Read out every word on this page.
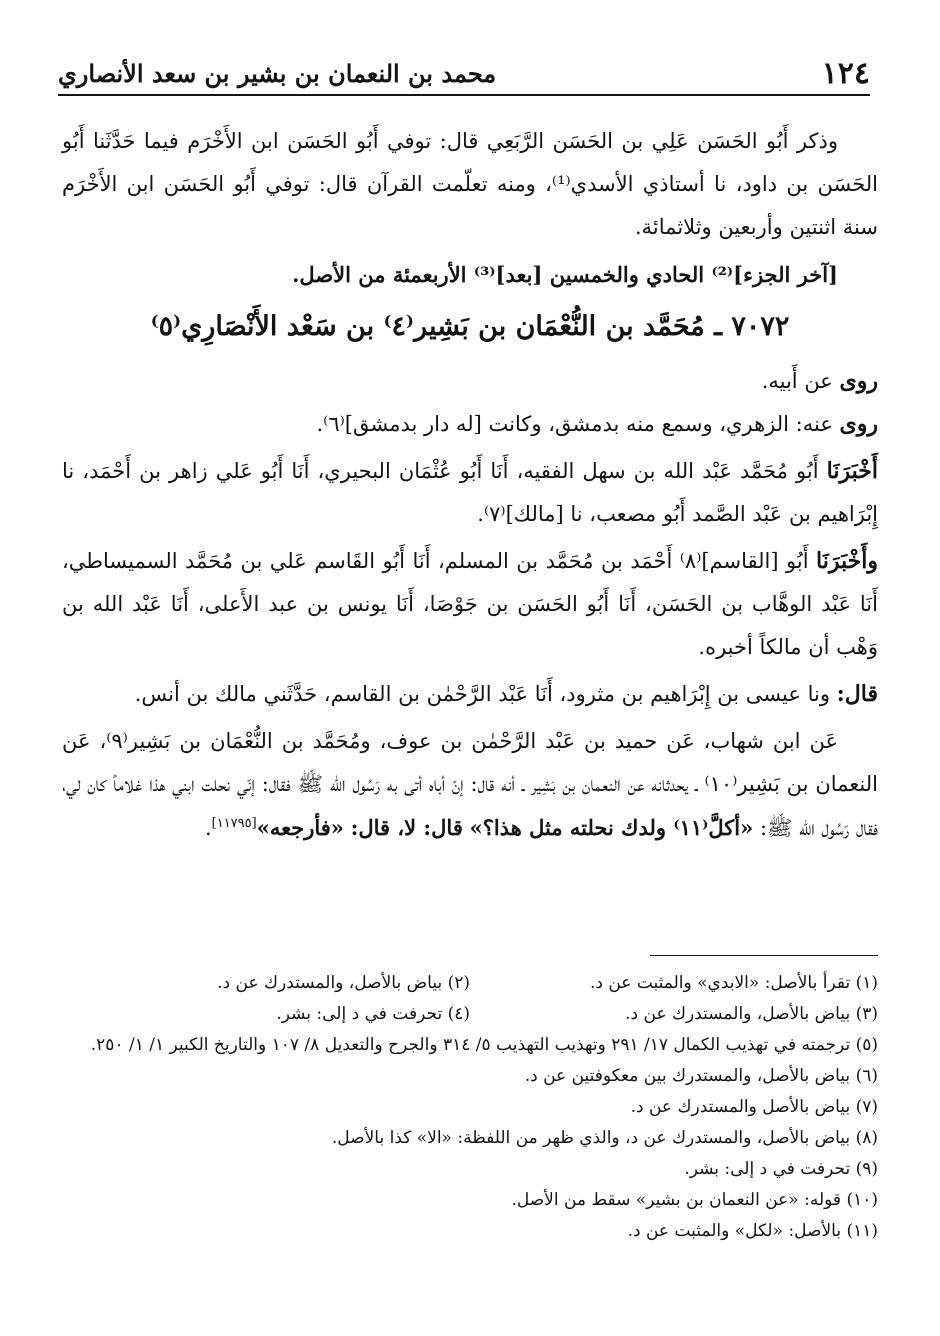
١٢٤
محمد بن النعمان بن بشير بن سعد الأنصاري

وذكر أَبُو الحَسَن عَلِي بن الحَسَن الرَّبَعِي قال: توفي أَبُو الحَسَن ابن الأَخْرَم فيما حَدَّثَنا أَبُو الحَسَن بن داود، نا أستاذي الأسدي⁽¹⁾، ومنه تعلّمت القرآن قال: توفي أَبُو الحَسَن ابن الأَخْرَم سنة اثنتين وأربعين وثلاثمائة.

[آخر الجزء]⁽²⁾ الحادي والخمسين [بعد]⁽³⁾ الأربعمئة من الأصل.

٧٠٧٢ ـ مُحَمَّد بن النُّعْمَان بن بَشِير⁽٤⁾ بن سَعْد الأَنْصَارِي⁽٥⁾

روى عن أَبيه.

روى عنه: الزهري، وسمع منه بدمشق، وكانت [له دار بدمشق]⁽٦⁾.

أَخْبَرَنَا أَبُو مُحَمَّد عَبْد الله بن سهل الفقيه، أَنَا أَبُو عُثْمَان البحيري، أَنَا أَبُو عَلي زاهر بن أَحْمَد، نا إِبْرَاهيم بن عَبْد الصَّمد أَبُو مصعب، نا [مالك]⁽٧⁾.

وأَخْبَرَنَا أَبُو [القاسم]⁽٨⁾ أَحْمَد بن مُحَمَّد بن المسلم، أَنَا أَبُو القَاسم عَلي بن مُحَمَّد السميساطي، أَنَا عَبْد الوهَّاب بن الحَسَن، أَنَا أَبُو الحَسَن بن جَوْصَا، أَنَا يونس بن عبد الأَعلى، أَنَا عَبْد الله بن وَهْب أن مالكاً أخبره.

قال: ونا عيسى بن إِبْرَاهيم بن مثرود، أَنَا عَبْد الرَّحْمٰن بن القاسم، حَدَّثَني مالك بن أنس.

عَن ابن شهاب، عَن حميد بن عَبْد الرَّحْمٰن بن عوف، ومُحَمَّد بن النُّعْمَان بن بَشِير⁽٩⁾، عَن النعمان بن بَشِير⁽١٠⁾ ـ يحدثانه عن النعمان بن بَشِير ـ أنه قال: إنّ أباه أتى به رَسُول الله ﷺ فقال: إنّي نحلت ابني هذا غلاماً كان لي، فقال رَسُول الله ﷺ: «أكلَّ⁽١١⁾ ولدك نحلته مثل هذا؟» قال: لا، قال: «فأرجعه»[١١٧٩٥].

(١) تقرأ بالأصل: «الابدي» والمثبت عن د.
(٢) بياض بالأصل، والمستدرك عن د.
(٣) بياض بالأصل، والمستدرك عن د.
(٤) تحرفت في د إلى: بشر.
(٥) ترجمته في تهذيب الكمال ١٧/ ٢٩١ وتهذيب التهذيب ٥/ ٣١٤ والجرح والتعديل ٨/ ١٠٧ والتاريخ الكبير ١/ ١/ ٢٥٠.
(٦) بياض بالأصل، والمستدرك بين معكوفتين عن د.
(٧) بياض بالأصل والمستدرك عن د.
(٨) بياض بالأصل، والمستدرك عن د، والذي ظهر من اللفظة: «الا» كذا بالأصل.
(٩) تحرفت في د إلى: بشر.
(١٠) قوله: «عن النعمان بن بشير» سقط من الأصل.
(١١) بالأصل: «لكل» والمثبت عن د.
